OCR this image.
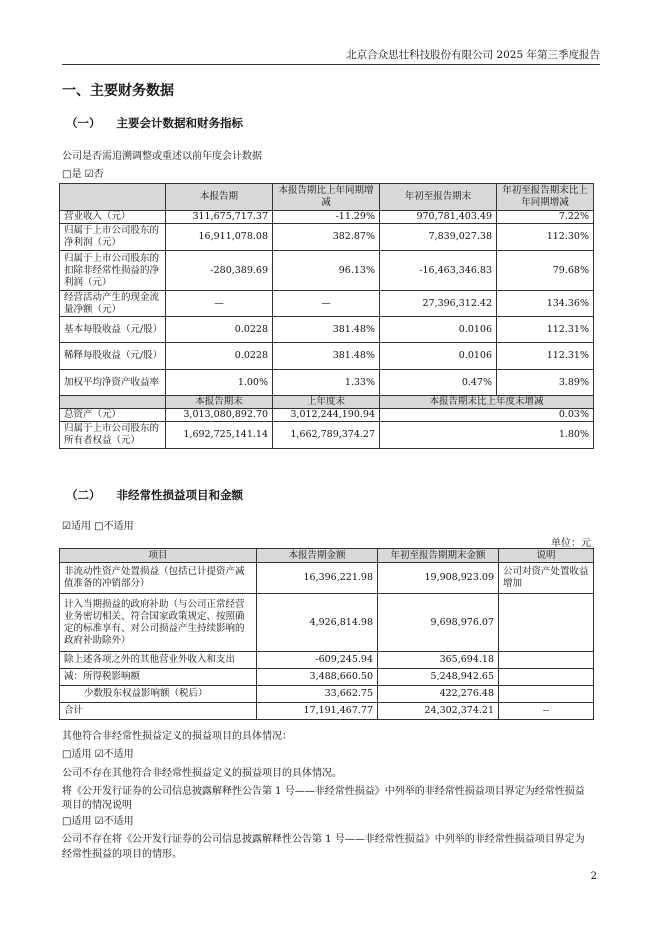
北京合众思壮科技股份有限公司 2025 年第三季度报告
一、主要财务数据
（一） 主要会计数据和财务指标
公司是否需追溯调整或重述以前年度会计数据
□是 ☑否
	本报告期	本报告期比上年同期增减	年初至报告期末	年初至报告期末比上年同期增减
营业收入（元）	311,675,717.37	-11.29%	970,781,403.49	7.22%
归属于上市公司股东的净利润（元）	16,911,078.08	382.87%	7,839,027.38	112.30%
归属于上市公司股东的扣除非经常性损益的净利润（元）	-280,389.69	96.13%	-16,463,346.83	79.68%
经营活动产生的现金流量净额（元）	—	—	27,396,312.42	134.36%
基本每股收益（元/股）	0.0228	381.48%	0.0106	112.31%
稀释每股收益（元/股）	0.0228	381.48%	0.0106	112.31%
加权平均净资产收益率	1.00%	1.33%	0.47%	3.89%
	本报告期末	上年度末	本报告期末比上年度末增减	
总资产（元）	3,013,080,892.70	3,012,244,190.94	0.03%	
归属于上市公司股东的所有者权益（元）	1,692,725,141.14	1,662,789,374.27	1.80%	
（二） 非经常性损益项目和金额
☑适用 □不适用
单位：元
项目	本报告期金额	年初至报告期期末金额	说明
非流动性资产处置损益（包括已计提资产减值准备的冲销部分）	16,396,221.98	19,908,923.09	公司对资产处置收益增加
计入当期损益的政府补助（与公司正常经营业务密切相关、符合国家政策规定、按照确定的标准享有、对公司损益产生持续影响的政府补助除外）	4,926,814.98	9,698,976.07	
除上述各项之外的其他营业外收入和支出	-609,245.94	365,694.18	
减：所得税影响额	3,488,660.50	5,248,942.65	
少数股东权益影响额（税后）	33,662.75	422,276.48	
合计	17,191,467.77	24,302,374.21	--
其他符合非经常性损益定义的损益项目的具体情况：
□适用 ☑不适用
公司不存在其他符合非经常性损益定义的损益项目的具体情况。
将《公开发行证券的公司信息披露解释性公告第 1 号——非经常性损益》中列举的非经常性损益项目界定为经常性损益
项目的情况说明
□适用 ☑不适用
公司不存在将《公开发行证券的公司信息披露解释性公告第 1 号——非经常性损益》中列举的非经常性损益项目界定为
经常性损益的项目的情形。
2
